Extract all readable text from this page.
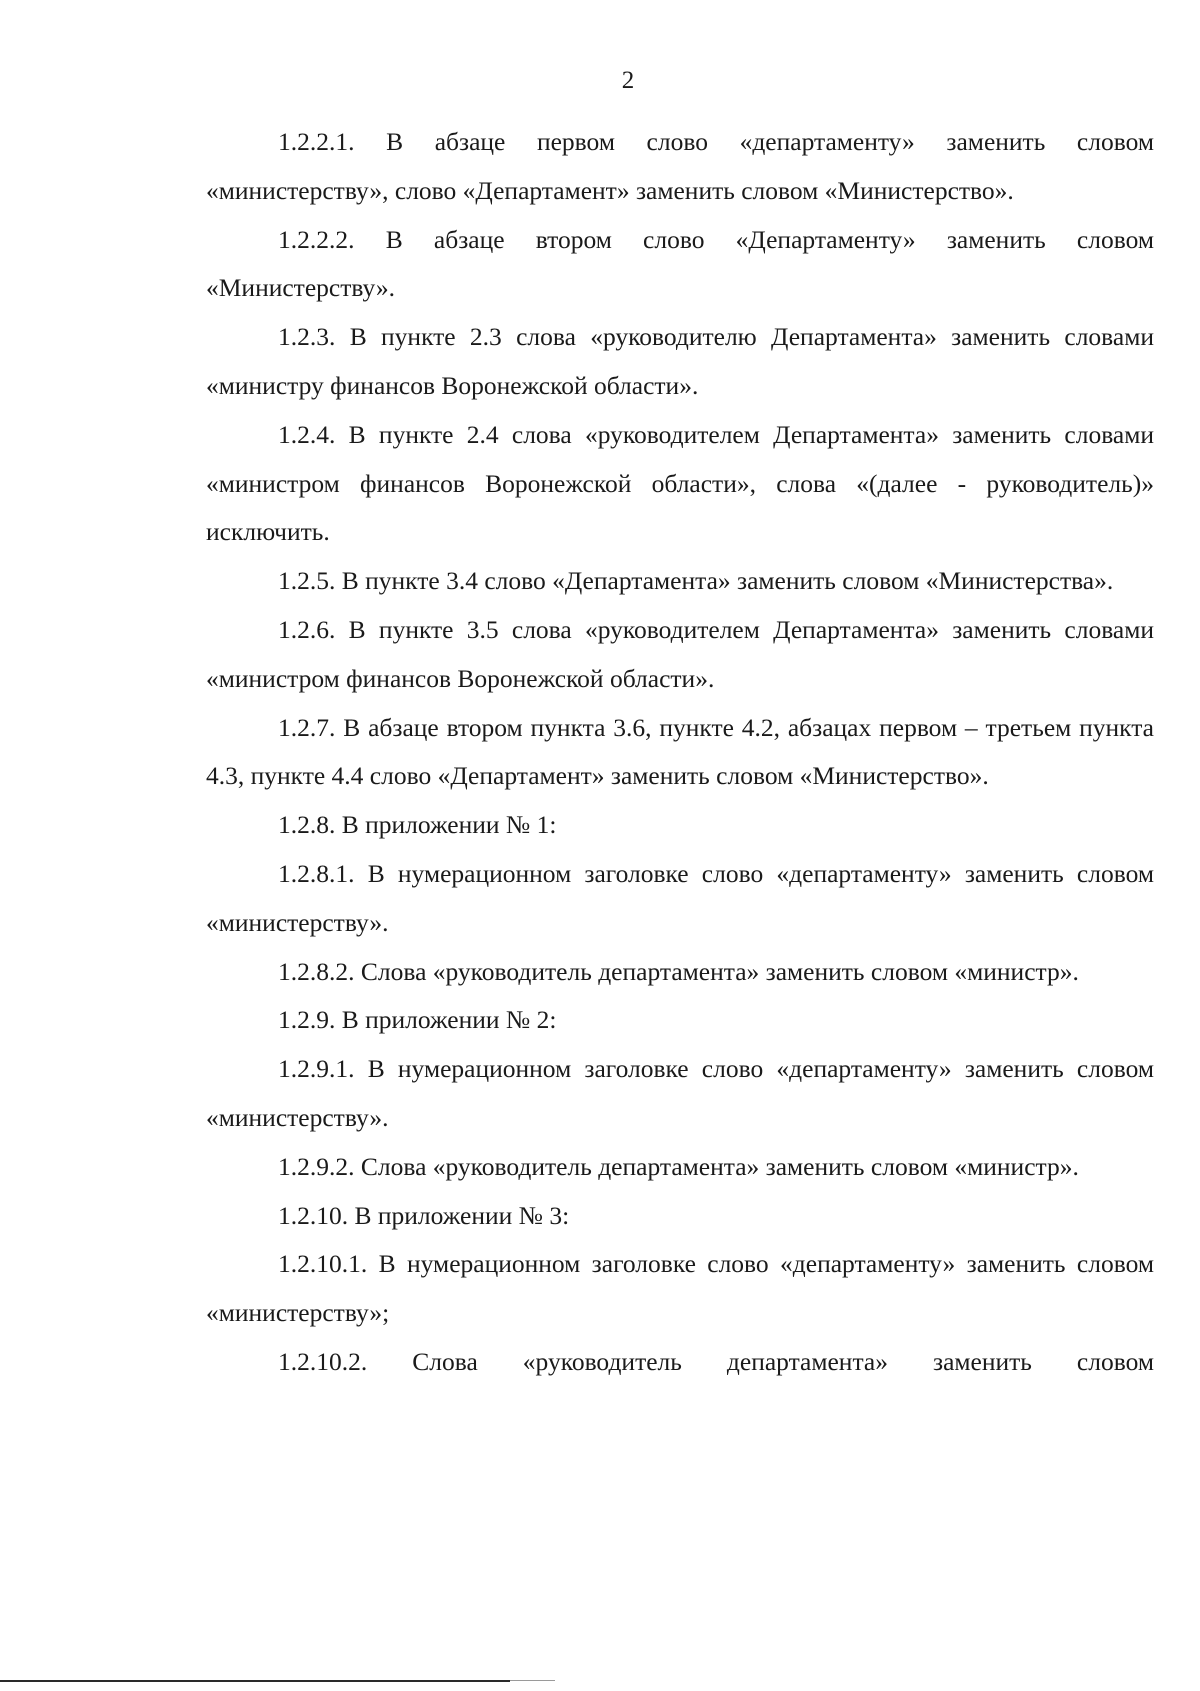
2

1.2.2.1. В абзаце первом слово «департаменту» заменить словом «министерству», слово «Департамент» заменить словом «Министерство».

1.2.2.2. В абзаце втором слово «Департаменту» заменить словом «Министерству».

1.2.3. В пункте 2.3 слова «руководителю Департамента» заменить словами «министру финансов Воронежской области».

1.2.4. В пункте 2.4 слова «руководителем Департамента» заменить словами «министром финансов Воронежской области», слова «(далее - руководитель)» исключить.

1.2.5. В пункте 3.4 слово «Департамента» заменить словом «Министерства».

1.2.6. В пункте 3.5 слова «руководителем Департамента» заменить словами «министром финансов Воронежской области».

1.2.7. В абзаце втором пункта 3.6, пункте 4.2, абзацах первом – третьем пункта 4.3, пункте 4.4 слово «Департамент» заменить словом «Министерство».

1.2.8. В приложении № 1:

1.2.8.1. В нумерационном заголовке слово «департаменту» заменить словом «министерству».

1.2.8.2. Слова «руководитель департамента» заменить словом «министр».

1.2.9. В приложении № 2:

1.2.9.1. В нумерационном заголовке слово «департаменту» заменить словом «министерству».

1.2.9.2. Слова «руководитель департамента» заменить словом «министр».

1.2.10. В приложении № 3:

1.2.10.1. В нумерационном заголовке слово «департаменту» заменить словом «министерству»;

1.2.10.2. Слова «руководитель департамента» заменить словом
